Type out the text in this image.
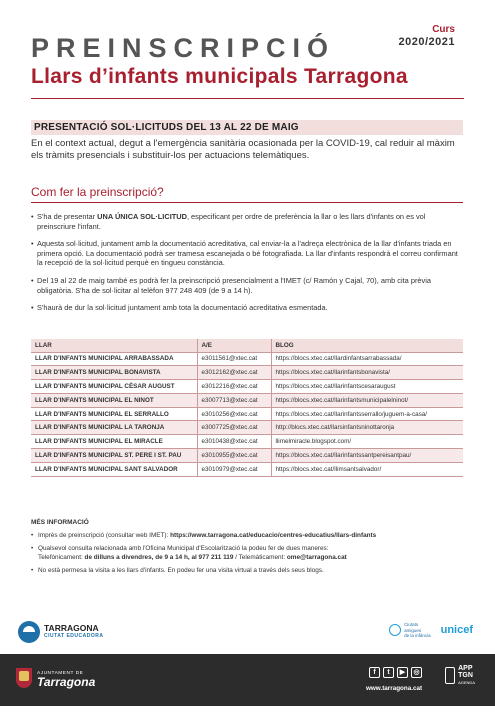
PREINSCRIPCIÓ
Curs
2020/2021
Llars d’infants municipals Tarragona
PRESENTACIÓ SOL·LICITUDS DEL 13 AL 22 DE MAIG
En el context actual, degut a l'emergència sanitària ocasionada per la COVID-19, cal reduir al màxim els tràmits presencials i substituir-los per actuacions telemàtiques.
Com fer la preinscripció?
• S'ha de presentar UNA ÚNICA SOL·LICITUD, especificant per ordre de preferència la llar o les llars d'infants on es vol preinscriure l'infant.
• Aquesta sol·licitud, juntament amb la documentació acreditativa, cal enviar-la a l'adreça electrònica de la llar d'infants triada en primera opció. La documentació podrà ser tramesa escanejada o bé fotografiada. La llar d'infants respondrà el correu confirmant la recepció de la sol·licitud perquè en tingueu constància.
• Del 19 al 22 de maig també es podrà fer la preinscripció presencialment a l'IMET (c/ Ramón y Cajal, 70), amb cita prèvia obligatòria. S'ha de sol·licitar al telèfon 977 248 409 (de 9 a 14 h).
• S'haurà de dur la sol·licitud juntament amb tota la documentació acreditativa esmentada.
LLAR	A/E	BLOG
LLAR D'INFANTS MUNICIPAL ARRABASSADA	e3011561@xtec.cat	https://blocs.xtec.cat/llardinfantsarrabassada/
LLAR D'INFANTS MUNICIPAL BONAVISTA	e3012162@xtec.cat	https://blocs.xtec.cat/llarinfantsbonavista/
LLAR D'INFANTS MUNICIPAL CÈSAR AUGUST	e3012216@xtec.cat	https://blocs.xtec.cat/llarinfantscesaraugust
LLAR D'INFANTS MUNICIPAL EL NINOT	e3007713@xtec.cat	https://blocs.xtec.cat/llarinfantsmunicipalelninot/
LLAR D'INFANTS MUNICIPAL EL SERRALLO	e3010256@xtec.cat	https://blocs.xtec.cat/llarinfantsserrallo/juguem-a-casa/
LLAR D'INFANTS MUNICIPAL LA TARONJA	e3007725@xtec.cat	http://blocs.xtec.cat/llarsinfantsninottaronja
LLAR D'INFANTS MUNICIPAL EL MIRACLE	e3010438@xtec.cat	llimelmiracle.blogspot.com/
LLAR D'INFANTS MUNICIPAL ST. PERE I ST. PAU	e3010955@xtec.cat	https://blocs.xtec.cat/llarinfantssantpereisantpau/
LLAR D'INFANTS MUNICIPAL SANT SALVADOR	e3010979@xtec.cat	https://blocs.xtec.cat/llimsantsalvador/
MÉS INFORMACIÓ
• Imprès de preinscripció (consultar web IMET): https://www.tarragona.cat/educacio/centres-educatius/llars-dinfants
• Qualsevol consulta relacionada amb l'Oficina Municipal d'Escolarització la podeu fer de dues maneres:
Telefònicament: de dilluns a divendres, de 9 a 14 h, al 977 211 119 / Telemàticament: ome@tarragona.cat
• No està permesa la visita a les llars d'infants. En podeu fer una visita virtual a través dels seus blogs.
TARRAGONA
CIUTAT EDUCADORA
Ciutats
amigues
de la infància unicef
AJUNTAMENT DE
Tarragona
f	t	▶	◎
www.tarragona.cat
APP
TGN
AGENDA
